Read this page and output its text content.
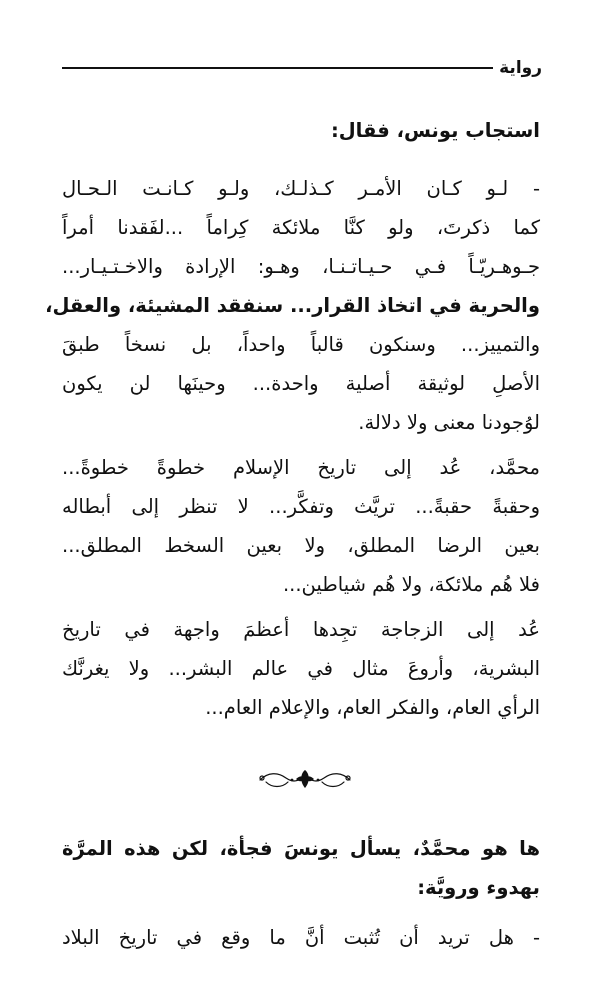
رواية
استجاب يونس، فقال:
- لـو كـان الأمـر كـذلـك، ولـو كـانـت الـحـال
كما ذكرتَ، ولو كنَّا ملائكة كِراماً ...لفَقدنا أمراً
جـوهـريّـاً فـي حـيـاتـنـا، وهـو: الإرادة والاخـتـيـار...
والحرية في اتخاذ القرار... سنفقد المشيئة، والعقل،
والتمييز... وسنكون قالباً واحداً، بل نسخاً طبقَ
الأصلِ لوثيقة أصلية واحدة... وحينَها لن يكون
لوُجودنا معنى ولا دلالة.
محمَّد، عُد إلى تاريخ الإسلام خطوةً خطوةً...
وحقبةً حقبةً... تريَّث وتفكَّر... لا تنظر إلى أبطاله
بعين الرضا المطلق، ولا بعين السخط المطلق...
فلا هُم ملائكة، ولا هُم شياطين...
عُد إلى الزجاجة تجِدها أعظمَ واجهة في تاريخ
البشرية، وأروعَ مثال في عالم البشر... ولا يغرنَّك
الرأي العام، والفكر العام، والإعلام العام...
ها هو محمَّدٌ، يسأل يونسَ فجأة، لكن هذه المرَّة
بهدوء ورويَّة:
- هل تريد أن تُثبت أنَّ ما وقع في تاريخ البلاد
